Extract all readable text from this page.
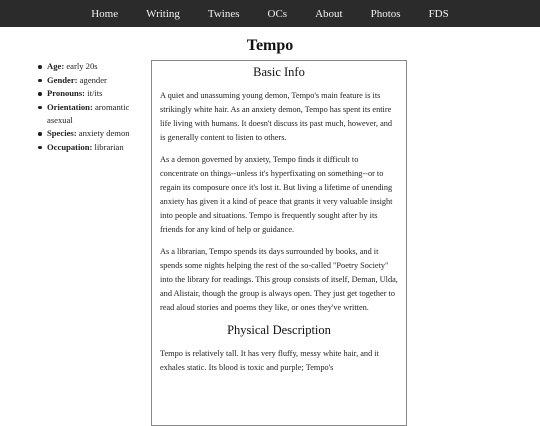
Home	Writing	Twines	OCs	About	Photos	FDS
Tempo
Age: early 20s
Gender: agender
Pronouns: it/its
Orientation: aromantic asexual
Species: anxiety demon
Occupation: librarian
Basic Info

A quiet and unassuming young demon, Tempo's main feature is its strikingly white hair. As an anxiety demon, Tempo has spent its entire life living with humans. It doesn't discuss its past much, however, and is generally content to listen to others.

As a demon governed by anxiety, Tempo finds it difficult to concentrate on things--unless it's hyperfixating on something--or to regain its composure once it's lost it. But living a lifetime of unending anxiety has given it a kind of peace that grants it very valuable insight into people and situations. Tempo is frequently sought after by its friends for any kind of help or guidance.

As a librarian, Tempo spends its days surrounded by books, and it spends some nights helping the rest of the so-called "Poetry Society" into the library for readings. This group consists of itself, Deman, Ulda, and Alistair, though the group is always open. They just get together to read aloud stories and poems they like, or ones they've written.

Physical Description

Tempo is relatively tall. It has very fluffy, messy white hair, and it exhales static. Its blood is toxic and purple; Tempo's
